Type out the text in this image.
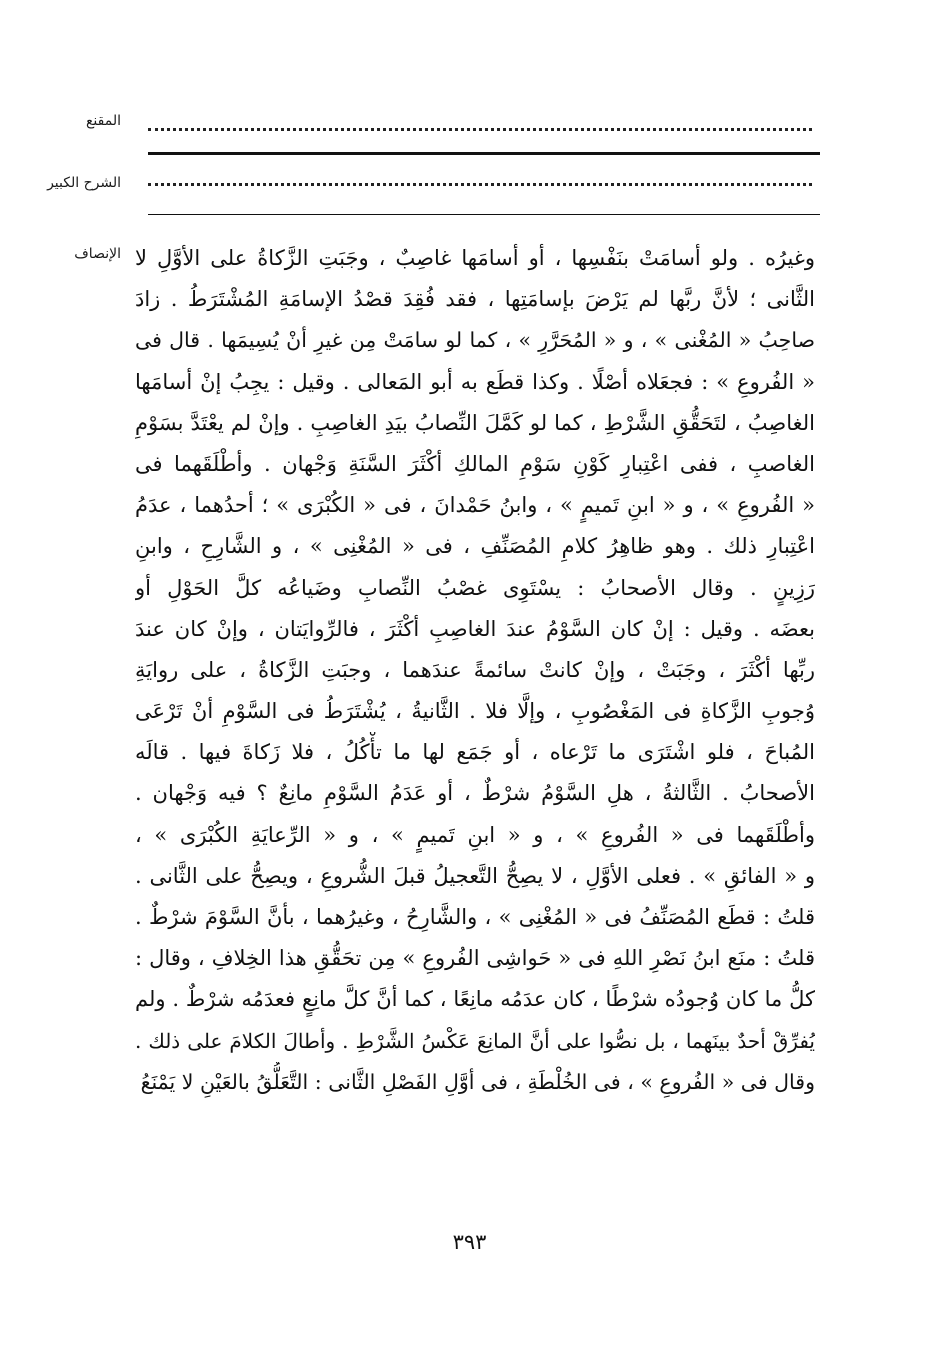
المقنع
الشرح الكبير
الإنصاف وغيرُه . ولو أسامَتْ بنَفْسِها ، أو أسامَها غاصِبٌ ، وجَبَتِ الزَّكاةُ على الأوَّلِ لا
الثَّانى ؛ لأنَّ ربَّها لم يَرْضَ بإسامَتِها ، فقد فُقِدَ قصْدُ الإسامَةِ المُشْتَرَطُ . زادَ
صاحِبُ « المُغْنى » ، و « المُحَرَّرِ » ، كما لو سامَتْ مِن غيرِ أنْ يُسِيمَها . قال فى
« الفُروعِ » : فجعَلاه أصْلًا . وكذا قطَع به أبو المَعالى . وقيل : يجِبُ إنْ أسامَها
الغاصِبُ ، لتَحَقُّقِ الشَّرْطِ ، كما لو كَمَّلَ النِّصابُ بيَدِ الغاصِبِ . وإنْ لم يعْتَدَّ بسَوْمِ
الغاصبِ ، ففى اعْتِبارِ كَوْنِ سَوْمِ المالكِ أكْثَرَ السَّنَةِ وَجْهان . وأطْلَقَهما فى
« الفُروعِ » ، و « ابنِ تَميمٍ » ، وابنُ حَمْدانَ ، فى « الكُبْرَى » ؛ أحدُهما ، عدَمُ
اعْتِبارِ ذلك . وهو ظاهِرُ كلامِ المُصَنِّفِ ، فى « المُغْنِى » ، و الشَّارِحِ ، وابنِ
رَزِينٍ . وقال الأصحابُ : يسْتَوِى غصْبُ النِّصابِ وضَياعُه كلَّ الحَوْلِ أو
بعضَه . وقيل : إنْ كان السَّوْمُ عندَ الغاصِبِ أكْثَرَ ، فالرِّوايَتان ، وإنْ كان عندَ
ربِّها أكْثَرَ ، وجَبَتْ ، وإنْ كانتْ سائمةً عندَهما ، وجبَتِ الزَّكاةُ ، على روايَةِ
وُجوبِ الزَّكاةِ فى المَغْصُوبِ ، وإلَّا فلا . الثَّانيةُ ، يُشْتَرَطُ فى السَّوْمِ أنْ تَرْعَى
المُباحَ ، فلو اشْتَرَى ما تَرْعاه ، أو جَمَع لها ما تأْكُلُ ، فلا زَكاةَ فيها . قالَه
الأصحابُ . الثَّالثةُ ، هلِ السَّوْمُ شرْطٌ ، أو عَدَمُ السَّوْمِ مانِعٌ ؟ فيه وَجْهان .
وأطْلَقَهما فى « الفُروعِ » ، و « ابنِ تَميمٍ » ، و « الرِّعايَةِ الكُبْرَى » ،
و « الفائقِ » . فعلى الأوَّلِ ، لا يصِحُّ التَّعجيلُ قبلَ الشُّروعِ ، ويصِحُّ على الثَّانى .
قلتُ : قطَع المُصَنِّفُ فى « المُغْنِى » ، والشَّارِحُ ، وغيرُهما ، بأنَّ السَّوْمَ شرْطٌ .
قلتُ : منَع ابنُ نَصْرِ اللهِ فى « حَواشِى الفُروعِ » مِن تحَقُّقِ هذا الخِلافِ ، وقال :
كلُّ ما كان وُجودُه شرْطًا ، كان عدَمُه مانِعًا ، كما أنَّ كلَّ مانِعٍ فعدَمُه شرْطٌ . ولم
يُفرِّقْ أحدٌ بينَهما ، بل نصُّوا على أنَّ المانِعَ عَكْسُ الشَّرْطِ . وأطالَ الكلامَ على ذلك .
وقال فى « الفُروعِ » ، فى الخُلْطَةِ ، فى أوَّلِ الفَصْلِ الثَّانى : التَّعَلُّقُ بالعَيْنِ لا يَمْنَعُ
٣٩٣
